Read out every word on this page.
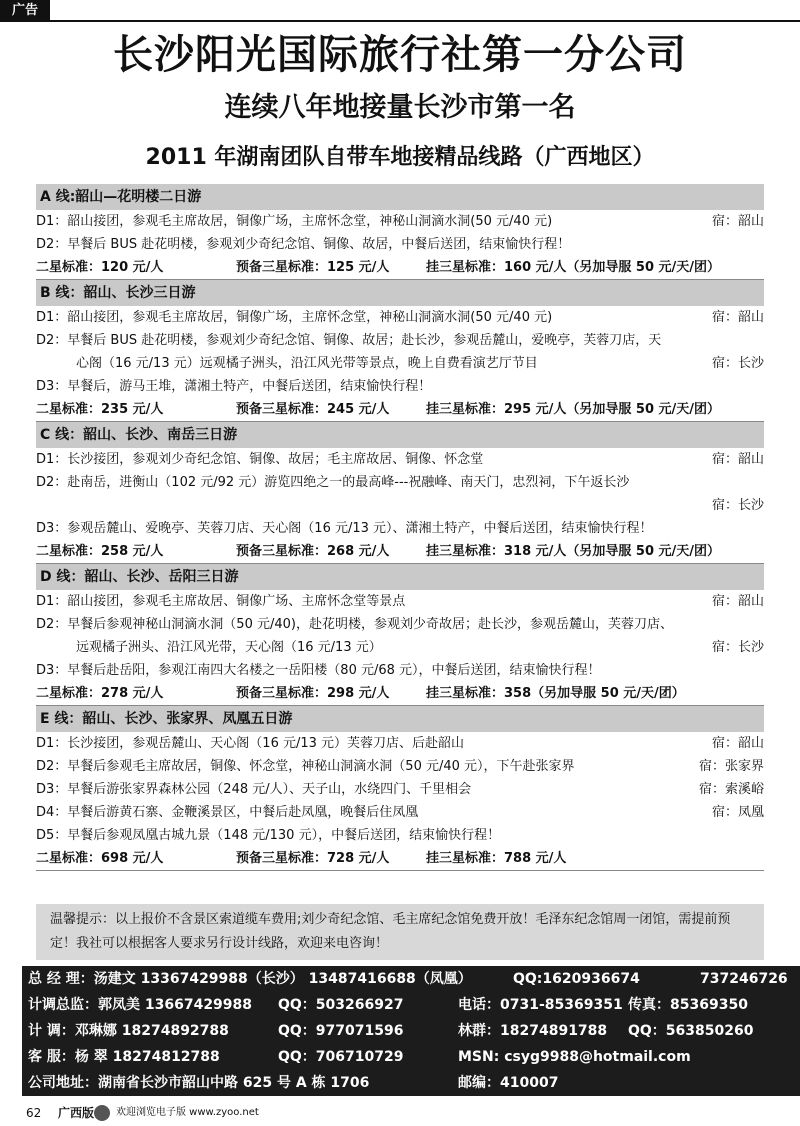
广告
长沙阳光国际旅行社第一分公司
连续八年地接量长沙市第一名
2011 年湖南团队自带车地接精品线路（广西地区）
A 线:韶山—花明楼二日游
D1：韶山接团，参观毛主席故居，铜像广场，主席怀念堂，神秘山洞滴水洞(50 元/40 元)	宿：韶山
D2：早餐后 BUS 赴花明楼，参观刘少奇纪念馆、铜像、故居，中餐后送团，结束愉快行程！
二星标准：120 元/人	预备三星标准：125 元/人	挂三星标准：160 元/人（另加导服 50 元/天/团）
B 线：韶山、长沙三日游
D1：韶山接团，参观毛主席故居，铜像广场，主席怀念堂，神秘山洞滴水洞(50 元/40 元)	宿：韶山
D2：早餐后 BUS 赴花明楼，参观刘少奇纪念馆、铜像、故居；赴长沙，参观岳麓山，爱晚亭，芙蓉刀店，天
心阁（16 元/13 元）远观橘子洲头，沿江风光带等景点，晚上自费看演艺厅节目	宿：长沙
D3：早餐后，游马王堆，潇湘土特产，中餐后送团，结束愉快行程！
二星标准：235 元/人	预备三星标准：245 元/人	挂三星标准：295 元/人（另加导服 50 元/天/团）
C 线：韶山、长沙、南岳三日游
D1：长沙接团，参观刘少奇纪念馆、铜像、故居；毛主席故居、铜像、怀念堂	宿：韶山
D2：赴南岳，进衡山（102 元/92 元）游览四绝之一的最高峰---祝融峰、南天门，忠烈祠，下午返长沙
宿：长沙
D3：参观岳麓山、爱晚亭、芙蓉刀店、天心阁（16 元/13 元）、潇湘土特产，中餐后送团，结束愉快行程！
二星标准：258 元/人	预备三星标准：268 元/人	挂三星标准：318 元/人（另加导服 50 元/天/团）
D 线：韶山、长沙、岳阳三日游
D1：韶山接团，参观毛主席故居、铜像广场、主席怀念堂等景点	宿：韶山
D2：早餐后参观神秘山洞滴水洞（50 元/40)，赴花明楼，参观刘少奇故居；赴长沙，参观岳麓山，芙蓉刀店、
远观橘子洲头、沿江风光带，天心阁（16 元/13 元）	宿：长沙
D3：早餐后赴岳阳，参观江南四大名楼之一岳阳楼（80 元/68 元），中餐后送团，结束愉快行程！
二星标准：278 元/人	预备三星标准：298 元/人	挂三星标准：358（另加导服 50 元/天/团）
E 线：韶山、长沙、张家界、凤凰五日游
D1：长沙接团，参观岳麓山、天心阁（16 元/13 元）芙蓉刀店、后赴韶山	宿：韶山
D2：早餐后参观毛主席故居，铜像、怀念堂，神秘山洞滴水洞（50 元/40 元），下午赴张家界	宿：张家界
D3：早餐后游张家界森林公园（248 元/人）、天子山，水绕四门、千里相会	宿：索溪峪
D4：早餐后游黄石寨、金鞭溪景区，中餐后赴凤凰，晚餐后住凤凰	宿：凤凰
D5：早餐后参观凤凰古城九景（148 元/130 元），中餐后送团，结束愉快行程！
二星标准：698 元/人	预备三星标准：728 元/人	挂三星标准：788 元/人
温馨提示：以上报价不含景区索道缆车费用;刘少奇纪念馆、毛主席纪念馆免费开放！毛泽东纪念馆周一闭馆，需提前预定！我社可以根据客人要求另行设计线路，欢迎来电咨询！
总 经 理：汤建文 13367429988（长沙） 13487416688（凤凰）	QQ:1620936674	737246726
计调总监：郭凤美 13667429988 QQ：503266927	电话：0731-85369351 传真：85369350
计 调：邓琳娜 18274892788	QQ：977071596	林群：18274891788 QQ：563850260
客 服：杨 翠 18274812788	QQ：706710729	MSN: csyg9988@hotmail.com
公司地址：湖南省长沙市韶山中路 625 号 A 栋 1706	邮编：410007
62 广西版 欢迎浏览电子版 www.zyoo.net
